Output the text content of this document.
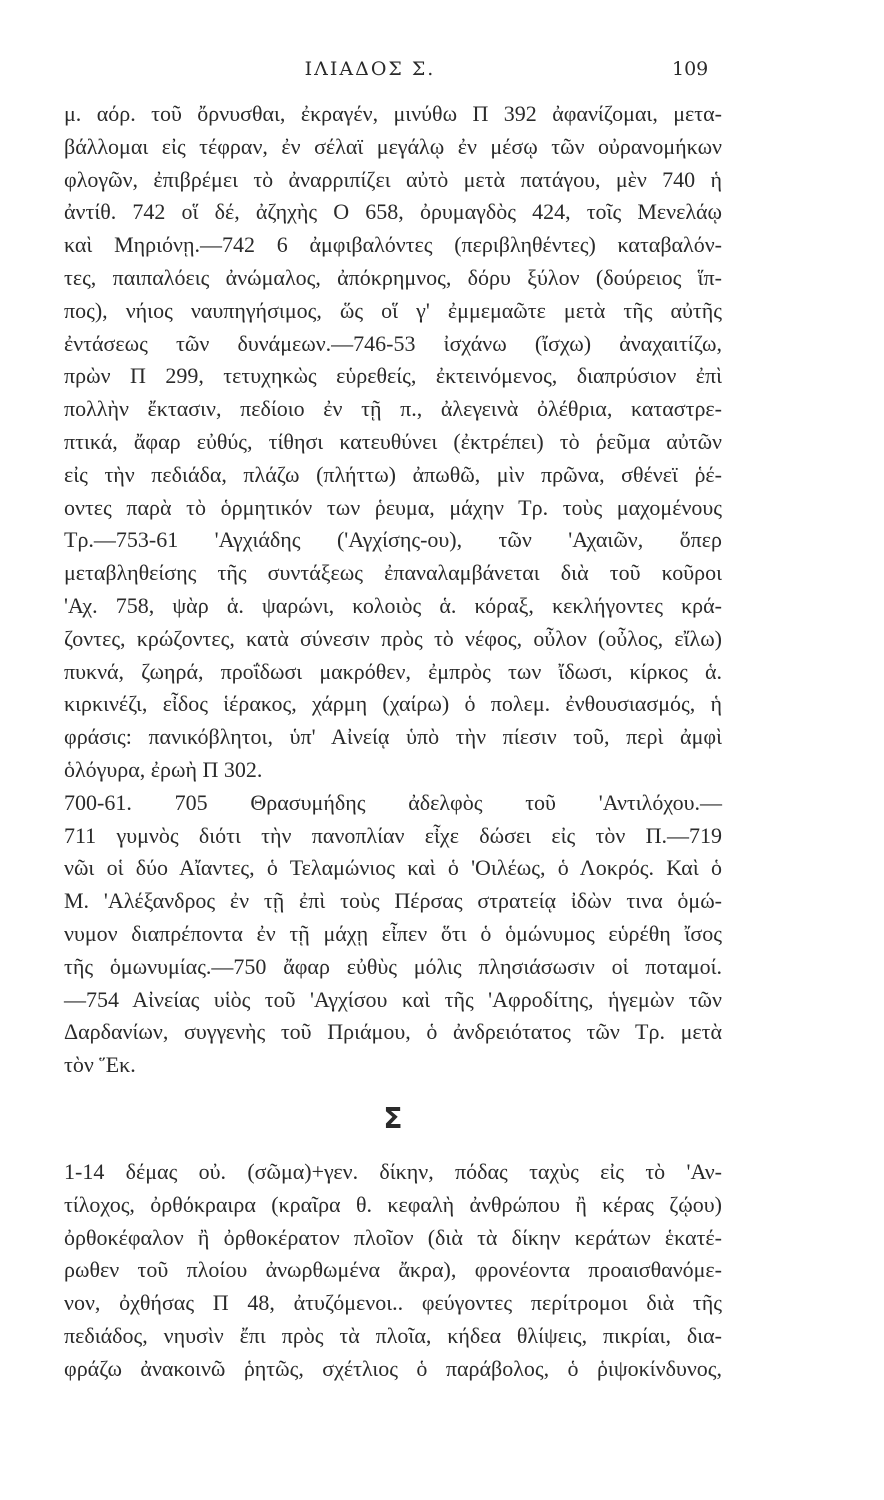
ΙΛΙΑΔΟΣ Σ.	109
μ. αόρ. τοῦ ὄρνυσθαι, ἐκραγέν, μινύθω Π 392 ἀφανίζομαι, μετα-
βάλλομαι εἰς τέφραν, ἐν σέλαϊ μεγάλῳ ἐν μέσῳ τῶν οὐρανομήκων
φλογῶν, ἐπιβρέμει τὸ ἀναρριπίζει αὐτὸ μετὰ πατάγου, μὲν 740 ἡ
ἀντίθ. 742 οἵ δέ, ἀζηχὴς Ο 658, ὀρυμαγδὸς 424, τοῖς Μενελάῳ
καὶ Μηριόνῃ.—742 6 ἀμφιβαλόντες (περιβληθέντες) καταβαλόν-
τες, παιπαλόεις ἀνώμαλος, ἀπόκρημνος, δόρυ ξύλον (δούρειος ἵπ-
πος), νήιος ναυπηγήσιμος, ὥς οἵ γ' ἐμμεμαῶτε μετὰ τῆς αὐτῆς
ἐντάσεως τῶν δυνάμεων.—746-53 ἰσχάνω (ἴσχω) ἀναχαιτίζω,
πρὼν Π 299, τετυχηκὼς εὑρεθείς, ἐκτεινόμενος, διαπρύσιον ἐπὶ
πολλὴν ἔκτασιν, πεδίοιο ἐν τῇ π., ἀλεγεινὰ ὀλέθρια, καταστρε-
πτικά, ἄφαρ εὐθύς, τίθησι κατευθύνει (ἐκτρέπει) τὸ ῥεῦμα αὐτῶν
εἰς τὴν πεδιάδα, πλάζω (πλήττω) ἀπωθῶ, μὶν πρῶνα, σθένεϊ ῥέ-
οντες παρὰ τὸ ὁρμητικόν των ῥευμα, μάχην Τρ. τοὺς μαχομένους
Τρ.—753-61 'Αγχιάδης ('Αγχίσης-ου), τῶν 'Αχαιῶν, ὅπερ
μεταβληθείσης τῆς συντάξεως ἐπαναλαμβάνεται διὰ τοῦ κοῦροι
'Αχ. 758, ψὰρ ἁ. ψαρώνι, κολοιὸς ἁ. κόραξ, κεκλήγοντες κρά-
ζοντες, κρώζοντες, κατὰ σύνεσιν πρὸς τὸ νέφος, οὖλον (οὖλος, εἴλω)
πυκνά, ζωηρά, προΐδωσι μακρόθεν, ἐμπρὸς των ἴδωσι, κίρκος ἁ.
κιρκινέζι, εἶδος ἱέρακος, χάρμη (χαίρω) ὁ πολεμ. ἐνθουσιασμός, ἡ
φράσις: πανικόβλητοι, ὑπ' Αἰνείᾳ ὑπὸ τὴν πίεσιν τοῦ, περὶ ἀμφὶ
ὁλόγυρα, ἐρωὴ Π 302.
700-61. 705 Θρασυμήδης ἀδελφὸς τοῦ 'Αντιλόχου.—
711 γυμνὸς διότι τὴν πανοπλίαν εἶχε δώσει εἰς τὸν Π.—719
νῶι οἱ δύο Αἴαντες, ὁ Τελαμώνιος καὶ ὁ 'Οιλέως, ὁ Λοκρός. Καὶ ὁ
Μ. 'Αλέξανδρος ἐν τῇ ἐπὶ τοὺς Πέρσας στρατείᾳ ἰδὼν τινα ὁμώ-
νυμον διαπρέποντα ἐν τῇ μάχῃ εἶπεν ὅτι ὁ ὁμώνυμος εὑρέθη ἴσος
τῆς ὁμωνυμίας.—750 ἄφαρ εὐθὺς μόλις πλησιάσωσιν οἱ ποταμοί.
—754 Αἰνείας υἱὸς τοῦ 'Αγχίσου καὶ τῆς 'Αφροδίτης, ἡγεμὼν τῶν
Δαρδανίων, συγγενὴς τοῦ Πριάμου, ὁ ἀνδρειότατος τῶν Τρ. μετὰ
τὸν Ἕκ.
Σ
1-14 δέμας οὐ. (σῶμα)+γεν. δίκην, πόδας ταχὺς εἰς τὸ 'Αν-
τίλοχος, ὀρθόκραιρα (κραῖρα θ. κεφαλὴ ἀνθρώπου ἢ κέρας ζῴου)
ὀρθοκέφαλον ἢ ὀρθοκέρατον πλοῖον (διὰ τὰ δίκην κεράτων ἑκατέ-
ρωθεν τοῦ πλοίου ἀνωρθωμένα ἄκρα), φρονέοντα προαισθανόμε-
νον, ὀχθήσας Π 48, ἀτυζόμενοι.. φεύγοντες περίτρομοι διὰ τῆς
πεδιάδος, νηυσὶν ἔπι πρὸς τὰ πλοῖα, κήδεα θλίψεις, πικρίαι, δια-
φράζω ἀνακοινῶ ῥητῶς, σχέτλιος ὁ παράβολος, ὁ ῥιψοκίνδυνος,
